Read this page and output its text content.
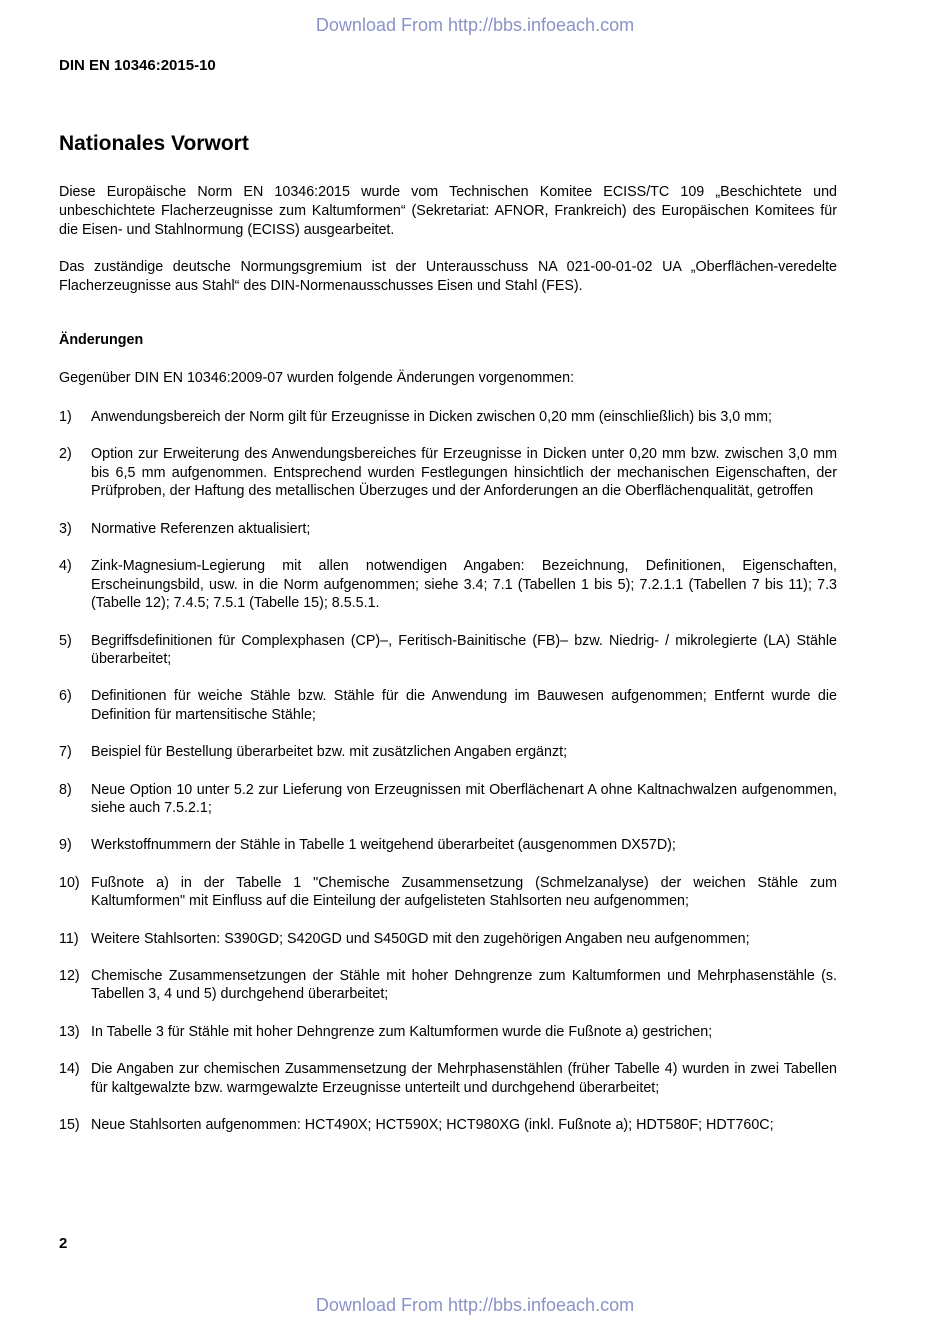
Download From http://bbs.infoeach.com
DIN EN 10346:2015-10
Nationales Vorwort
Diese Europäische Norm EN 10346:2015 wurde vom Technischen Komitee ECISS/TC 109 „Beschichtete und unbeschichtete Flacherzeugnisse zum Kaltumformen“ (Sekretariat: AFNOR, Frankreich) des Europäischen Komitees für die Eisen- und Stahlnormung (ECISS) ausgearbeitet.
Das zuständige deutsche Normungsgremium ist der Unterausschuss NA 021-00-01-02 UA „Oberflächen-veredelte Flacherzeugnisse aus Stahl“ des DIN-Normenausschusses Eisen und Stahl (FES).
Änderungen
Gegenüber DIN EN 10346:2009-07 wurden folgende Änderungen vorgenommen:
1) Anwendungsbereich der Norm gilt für Erzeugnisse in Dicken zwischen 0,20 mm (einschließlich) bis 3,0 mm;
2) Option zur Erweiterung des Anwendungsbereiches für Erzeugnisse in Dicken unter 0,20 mm bzw. zwischen 3,0 mm bis 6,5 mm aufgenommen. Entsprechend wurden Festlegungen hinsichtlich der mechanischen Eigenschaften, der Prüfproben, der Haftung des metallischen Überzuges und der Anforderungen an die Oberflächenqualität, getroffen
3) Normative Referenzen aktualisiert;
4) Zink-Magnesium-Legierung mit allen notwendigen Angaben: Bezeichnung, Definitionen, Eigenschaften, Erscheinungsbild, usw. in die Norm aufgenommen; siehe 3.4; 7.1 (Tabellen 1 bis 5); 7.2.1.1 (Tabellen 7 bis 11); 7.3 (Tabelle 12); 7.4.5; 7.5.1 (Tabelle 15); 8.5.5.1.
5) Begriffsdefinitionen für Complexphasen (CP)–, Feritisch-Bainitische (FB)– bzw. Niedrig- / mikrolegierte (LA) Stähle überarbeitet;
6) Definitionen für weiche Stähle bzw. Stähle für die Anwendung im Bauwesen aufgenommen; Entfernt wurde die Definition für martensitische Stähle;
7) Beispiel für Bestellung überarbeitet bzw. mit zusätzlichen Angaben ergänzt;
8) Neue Option 10 unter 5.2 zur Lieferung von Erzeugnissen mit Oberflächenart A ohne Kaltnachwalzen aufgenommen, siehe auch 7.5.2.1;
9) Werkstoffnummern der Stähle in Tabelle 1 weitgehend überarbeitet (ausgenommen DX57D);
10) Fußnote a) in der Tabelle 1 "Chemische Zusammensetzung (Schmelzanalyse) der weichen Stähle zum Kaltumformen" mit Einfluss auf die Einteilung der aufgelisteten Stahlsorten neu aufgenommen;
11) Weitere Stahlsorten: S390GD; S420GD und S450GD mit den zugehörigen Angaben neu aufgenommen;
12) Chemische Zusammensetzungen der Stähle mit hoher Dehngrenze zum Kaltumformen und Mehrphasenstähle (s. Tabellen 3, 4 und 5) durchgehend überarbeitet;
13) In Tabelle 3 für Stähle mit hoher Dehngrenze zum Kaltumformen wurde die Fußnote a) gestrichen;
14) Die Angaben zur chemischen Zusammensetzung der Mehrphasenstählen (früher Tabelle 4) wurden in zwei Tabellen für kaltgewalzte bzw. warmgewalzte Erzeugnisse unterteilt und durchgehend überarbeitet;
15) Neue Stahlsorten aufgenommen: HCT490X; HCT590X; HCT980XG (inkl. Fußnote a); HDT580F; HDT760C;
2
Download From http://bbs.infoeach.com
